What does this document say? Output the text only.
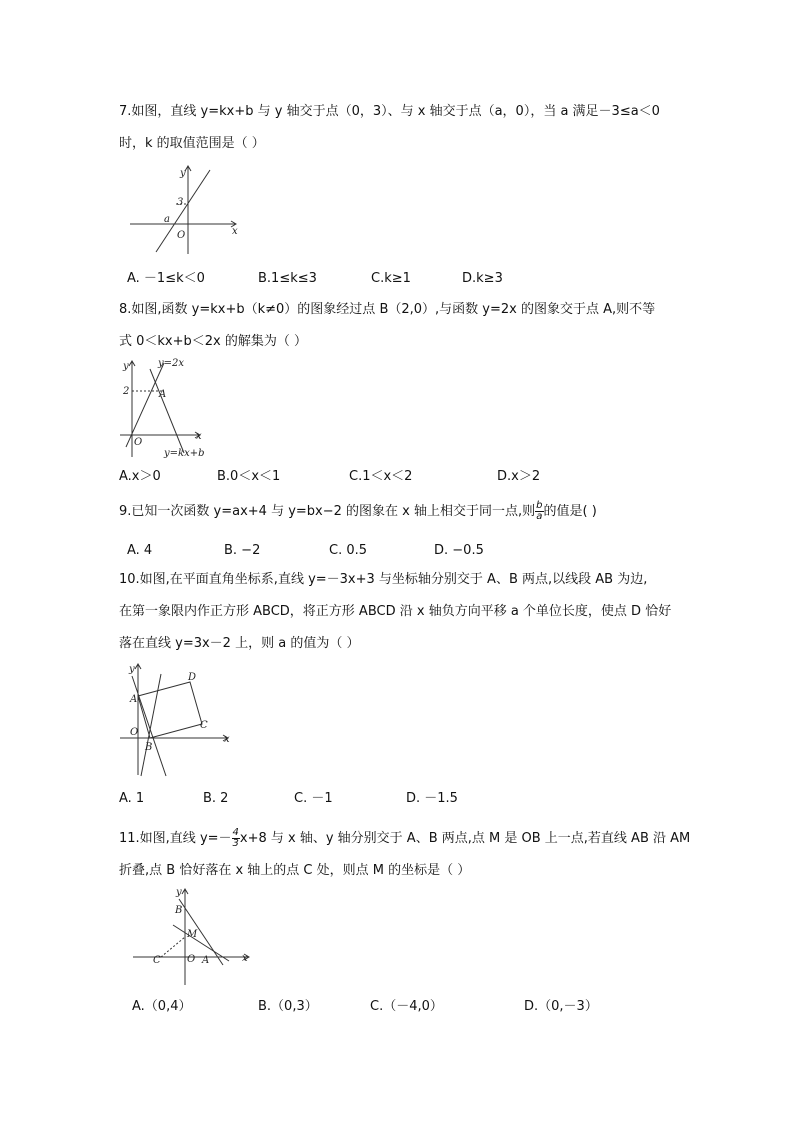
7.如图，直线 y=kx+b 与 y 轴交于点（0，3）、与 x 轴交于点（a，0），当 a 满足－3≤a＜0
时，k 的取值范围是（ ）
y
x
O
3
a
A. －1≤k＜0	B.1≤k≤3	C.k≥1	D.k≥3
8.如图,函数 y=kx+b（k≠0）的图象经过点 B（2,0）,与函数 y=2x 的图象交于点 A,则不等
式 0＜kx+b＜2x 的解集为（ ）
y
x
O
2	A
y=2x
y=kx+b
A.x＞0	B.0＜x＜1	C.1＜x＜2	D.x＞2
9.已知一次函数 y=ax+4 与 y=bx−2 的图象在 x 轴上相交于同一点,则 $\frac{b}{a}$ 的值是( )
A. 4	B. −2	C. 0.5	D. −0.5
10.如图,在平面直角坐标系,直线 y=－3x+3 与坐标轴分别交于 A、B 两点,以线段 AB 为边,
在第一象限内作正方形 ABCD，将正方形 ABCD 沿 x 轴负方向平移 a 个单位长度，使点 D 恰好
落在直线 y=3x－2 上，则 a 的值为（ ）
y
x
O
A
B
C
D
A. 1	B. 2	C. －1	D. －1.5
11.如图,直线 $y=- \frac{4}{3} x+8$ 与 x 轴、y 轴分别交于 A、B 两点,点 M 是 OB 上一点,若直线 AB 沿 AM
折叠,点 B 恰好落在 x 轴上的点 C 处，则点 M 的坐标是（ ）
y
x
O A
B
C
M
A.（0,4）	B.（0,3）	C.（－4,0）	D.（0,－3）
